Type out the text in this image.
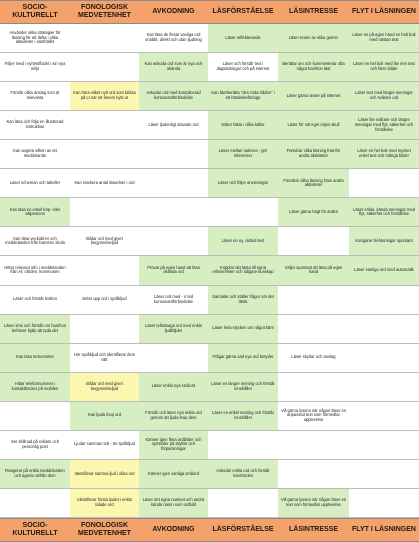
SOCIO-KULTURELLT
Använder olika strategier för läsning för att delta i olika aktiviteter i samhället
Följer med i nyhetsflödet i sin nya miljö
Förstår olika anslag som är relevanta
Kan läsa och följa en illustrerad instruktion
Kan avgöra vilken av ett meddelande
Läser scheman och tabeller
Kan läsa en enkel köp- eller säljannons
Kan läsa veckobrev och meddelanden från barnens skola
Hittar relevant info i meddelanden från Af, vården, kommunen
Läser och förstår kvitton
Läser sms och förstår om han/hon behöver hjälp att tyda det
Kan läsa termometer
Hittar telefonnummer i kontaktböcker på mobilen
Ser skillnad på reklam och personlig post
Reagerar på enkla meddelanden och agerar utifrån dem
SOCIO-KULTURELLT
FONOLOGISK MEDVETENHET
Kan höra vilket nytt ord som bildas på Lt när ett fonem byts ut
Kan markera antal stavelser i ord
Bildar ord med givet begynnelseljud
Delar upp ord i språkljud
Hör språkljud och identifierar dem rätt
Bildar ord med givet begynnelseljud
Kan ljuda ihop ord
Ljudar samman två - tre språkljud
Identifierar samma ljud i olika ord
Identifierar första ljudet i enkla talade ord
FONOLOGISK MEDVETENHET
AVKODNING
Kan läsa de flesta vanliga ord snabbt, direkt och utan ljudning
Kan avkoda ord som är nya och okända
Avkodar ord med komplicerad konsonantförbindelse
Läser ljudenligt stavade ord
Prövar på egen hand att läsa okända ord
Läser ord med - n ted konsonantförbindelse
Läser tvåstaviga ord med enkla ljudföljder
Läser enkla nya småord
Förstår och läser nya enkla ord genom att ljuda ihop dem
Känner igen flera ordbilder och symboler på skyltar och förpackningar
Känner igen vanliga småord
Läser det egna namnet och andra kända namn som ordbild
AVKODNING
LÄSFÖRSTÅELSE
Läser reflekterande
Läser och förstår text i dagstidningar och på internet
Kan återberätta "den röda tråden" i ett händelseförlopp
Söker fakta i olika källor
Läser mellan raderna - gör inferenser
Läser och följer anvisningar
Läser en ny, okänd text
Kopplar det lästa till egna erfarenheter och tidigare kunskap
Samtalar och ställer frågor om det lästa
Läser hela stycken om något känt
Frågar gärna vad nya ord betyder
Läser en längre mening och förstår innehållet
Läser en enkel mening och förstår innehållet
Avkodar enkla ord och förstår innebörden
LÄSFÖRSTÅELSE
LÄSINTRESSE
Läser texter av olika genrer
Berättar om och kommenterar ofta något han/hon läst
Läser gärna texter på internet
Läser för sitt eget nöjes skull
Föredrar olika läsning framför andra aktiviteter
Föredrar olika läsning fram andra aktiviteter
Läser gärna högt för andra
Väljer spontant att läsa på egen hand
Läser skyltar och anslag
Vill gärna lyssna när någon läser en anpassad text som förmedlar upplevelse
Vill gärna lyssna när någon läser en text som förmedlar upplevelse
LÄSINTRESSE
FLYT I LÄSNINGEN
Läser en på egen hand en helt bok med nästan text
Läser en hel bok med lite mer text och färre bilder
Läser text med längre meningar och svårare ord
Läser lite svårare och längre meningar med flyt, säkerhet och förståelse
Läser en hel bok med mycket enkel text och många bilder
Läser enkla, kända meningar med flyt, säkerhet och förståelse
Kortgarar fel-läsningar spontant
Läser vanliga ord med automatik
FLYT I LÄSNINGEN
